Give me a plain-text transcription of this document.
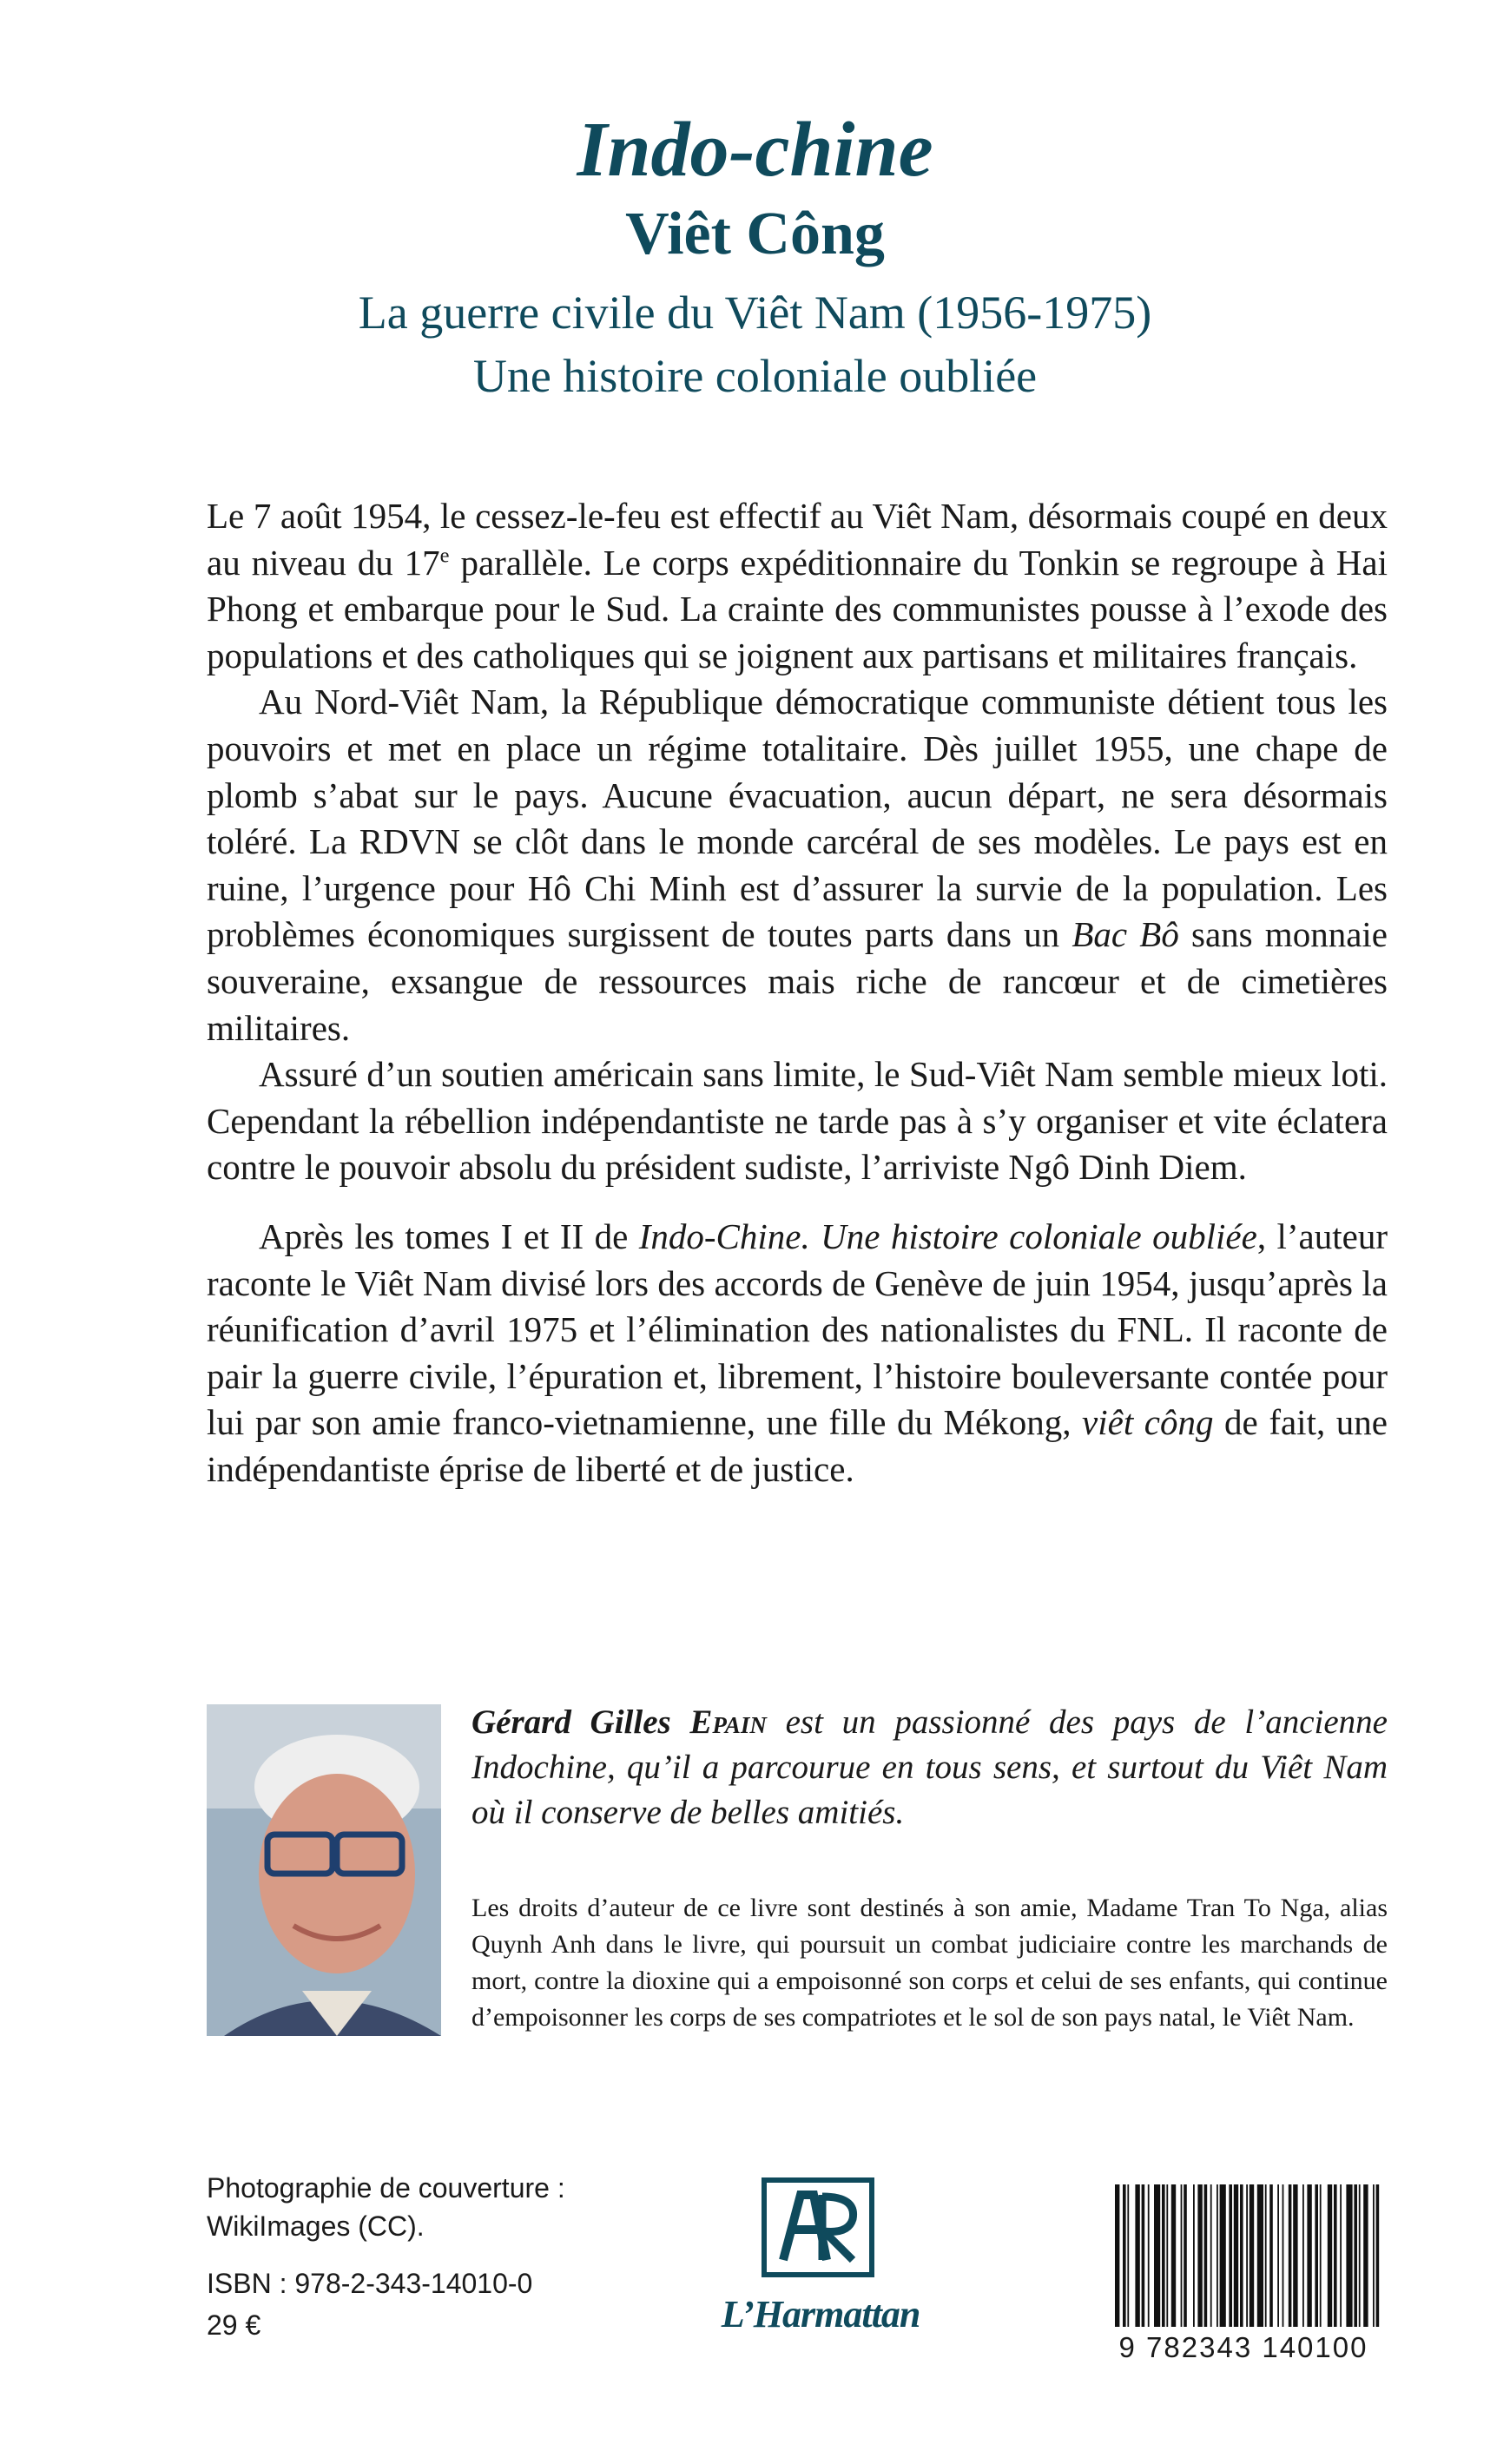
Indo-chine
Viêt Công
La guerre civile du Viêt Nam (1956-1975)
Une histoire coloniale oubliée

Le 7 août 1954, le cessez-le-feu est effectif au Viêt Nam, désormais coupé en deux au niveau du 17e parallèle. Le corps expéditionnaire du Tonkin se regroupe à Hai Phong et embarque pour le Sud. La crainte des communistes pousse à l’exode des populations et des catholiques qui se joignent aux partisans et militaires français.

Au Nord-Viêt Nam, la République démocratique communiste détient tous les pouvoirs et met en place un régime totalitaire. Dès juillet 1955, une chape de plomb s’abat sur le pays. Aucune évacuation, aucun départ, ne sera désormais toléré. La RDVN se clôt dans le monde carcéral de ses modèles. Le pays est en ruine, l’urgence pour Hô Chi Minh est d’assurer la survie de la population. Les problèmes économiques surgissent de toutes parts dans un Bac Bô sans monnaie souveraine, exsangue de ressources mais riche de rancœur et de cimetières militaires.

Assuré d’un soutien américain sans limite, le Sud-Viêt Nam semble mieux loti. Cependant la rébellion indépendantiste ne tarde pas à s’y organiser et vite éclatera contre le pouvoir absolu du président sudiste, l’arriviste Ngô Dinh Diem.

Après les tomes I et II de Indo-Chine. Une histoire coloniale oubliée, l’auteur raconte le Viêt Nam divisé lors des accords de Genève de juin 1954, jusqu’après la réunification d’avril 1975 et l’élimination des nationalistes du FNL. Il raconte de pair la guerre civile, l’épuration et, librement, l’histoire bouleversante contée pour lui par son amie franco-vietnamienne, une fille du Mékong, viêt công de fait, une indépendantiste éprise de liberté et de justice.

Gérard Gilles Epain est un passionné des pays de l’ancienne Indochine, qu’il a parcourue en tous sens, et surtout du Viêt Nam où il conserve de belles amitiés.
Les droits d’auteur de ce livre sont destinés à son amie, Madame Tran To Nga, alias Quynh Anh dans le livre, qui poursuit un combat judiciaire contre les marchands de mort, contre la dioxine qui a empoisonné son corps et celui de ses enfants, qui continue d’empoisonner les corps de ses compatriotes et le sol de son pays natal, le Viêt Nam.
Photographie de couverture :
WikiImages (CC).
ISBN : 978-2-343-14010-0
29 €	L’Harmattan
9 782343 140100
